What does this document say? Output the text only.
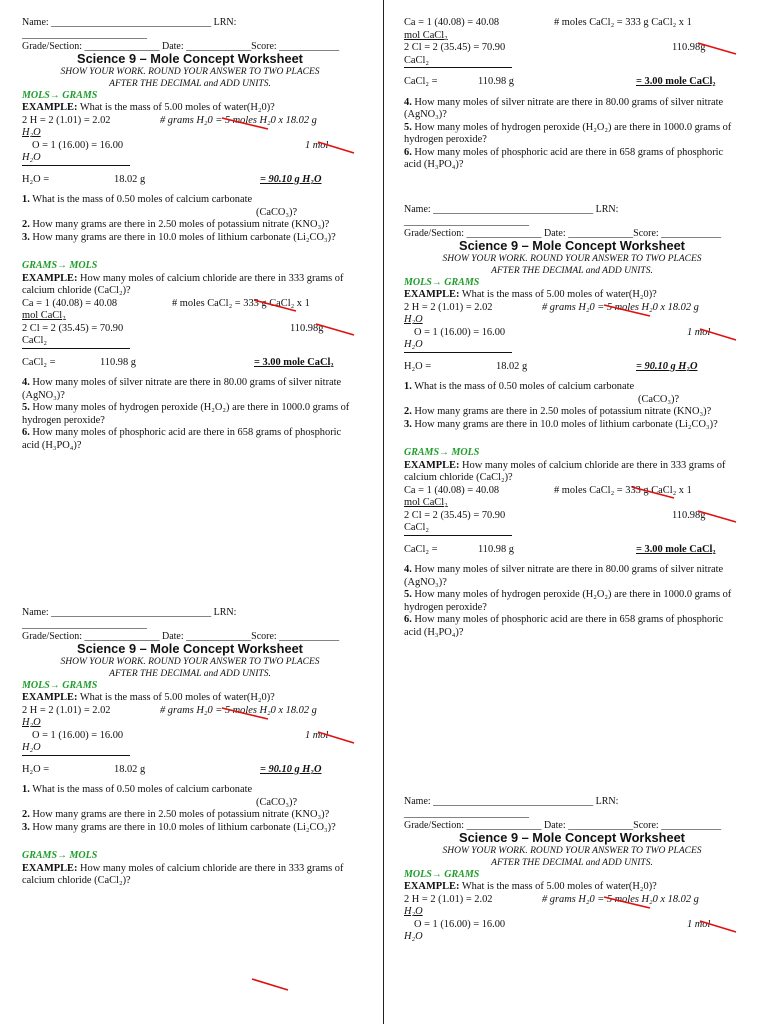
Name: ________________________________ LRN: _________________________

Grade/Section: _______________ Date: _____________Score: ____________

Science 9 – Mole Concept Worksheet

SHOW YOUR WORK. ROUND YOUR ANSWER TO TWO PLACES

AFTER THE DECIMAL and ADD UNITS.

MOLS→ GRAMS

EXAMPLE: What is the mass of 5.00 moles of water(H₂0)?

2 H = 2 (1.01) = 2.02	# grams H₂0 = 5 moles H₂0 x 18.02 g
H₂O
O = 1 (16.00) = 16.00	1 mol
H₂O
H₂O =	18.02 g	= 90.10 g H₂O

1. What is the mass of 0.50 moles of calcium carbonate

(CaCO₃)?

2. How many grams are there in 2.50 moles of potassium nitrate (KNO₃)?

3. How many grams are there in 10.0 moles of lithium carbonate (Li₂CO₃)?

GRAMS→ MOLS

EXAMPLE: How many moles of calcium chloride are there in 333 grams of calcium chloride (CaCl₂)?

Ca = 1 (40.08) = 40.08	# moles CaCl₂ = 333 g CaCl₂ x 1
mol CaCl₂
2 Cl = 2 (35.45) = 70.90	110.98g
CaCl₂
CaCl₂ =	110.98 g	= 3.00 mole CaCl₂

4. How many moles of silver nitrate are there in 80.00 grams of silver nitrate (AgNO₃)?

5. How many moles of hydrogen peroxide (H₂O₂) are there in 1000.0 grams of hydrogen peroxide?

6. How many moles of phosphoric acid are there in 658 grams of phosphoric acid (H₃PO₄)?

Name: ________________________________ LRN: _________________________

Grade/Section: _______________ Date: _____________Score: ____________

Science 9 – Mole Concept Worksheet

SHOW YOUR WORK. ROUND YOUR ANSWER TO TWO PLACES

AFTER THE DECIMAL and ADD UNITS.

MOLS→ GRAMS

EXAMPLE: What is the mass of 5.00 moles of water(H₂0)?

2 H = 2 (1.01) = 2.02	# grams H₂0 = 5 moles H₂0 x 18.02 g
H₂O
O = 1 (16.00) = 16.00	1 mol
H₂O
H₂O =	18.02 g	= 90.10 g H₂O

1. What is the mass of 0.50 moles of calcium carbonate

(CaCO₃)?

2. How many grams are there in 2.50 moles of potassium nitrate (KNO₃)?

3. How many grams are there in 10.0 moles of lithium carbonate (Li₂CO₃)?

GRAMS→ MOLS

EXAMPLE: How many moles of calcium chloride are there in 333 grams of calcium chloride (CaCl₂)?

Ca = 1 (40.08) = 40.08	# moles CaCl₂ = 333 g CaCl₂ x 1
mol CaCl₂
2 Cl = 2 (35.45) = 70.90	110.98g
CaCl₂
CaCl₂ =	110.98 g	= 3.00 mole CaCl₂

4. How many moles of silver nitrate are there in 80.00 grams of silver nitrate (AgNO₃)?

5. How many moles of hydrogen peroxide (H₂O₂) are there in 1000.0 grams of hydrogen peroxide?

6. How many moles of phosphoric acid are there in 658 grams of phosphoric acid (H₃PO₄)?

Name: ________________________________ LRN: _________________________

Grade/Section: _______________ Date: _____________Score: ____________

Science 9 – Mole Concept Worksheet

SHOW YOUR WORK. ROUND YOUR ANSWER TO TWO PLACES

AFTER THE DECIMAL and ADD UNITS.

MOLS→ GRAMS

EXAMPLE: What is the mass of 5.00 moles of water(H₂0)?

2 H = 2 (1.01) = 2.02	# grams H₂0 = 5 moles H₂0 x 18.02 g
H₂O
O = 1 (16.00) = 16.00	1 mol
H₂O
H₂O =	18.02 g	= 90.10 g H₂O

1. What is the mass of 0.50 moles of calcium carbonate

(CaCO₃)?

2. How many grams are there in 2.50 moles of potassium nitrate (KNO₃)?

3. How many grams are there in 10.0 moles of lithium carbonate (Li₂CO₃)?

GRAMS→ MOLS

EXAMPLE: How many moles of calcium chloride are there in 333 grams of calcium chloride (CaCl₂)?

Ca = 1 (40.08) = 40.08	# moles CaCl₂ = 333 g CaCl₂ x 1
mol CaCl₂
2 Cl = 2 (35.45) = 70.90	110.98g
CaCl₂
CaCl₂ =	110.98 g	= 3.00 mole CaCl₂

4. How many moles of silver nitrate are there in 80.00 grams of silver nitrate (AgNO₃)?

5. How many moles of hydrogen peroxide (H₂O₂) are there in 1000.0 grams of hydrogen peroxide?

6. How many moles of phosphoric acid are there in 658 grams of phosphoric acid (H₃PO₄)?

Name: ________________________________ LRN: _________________________

Grade/Section: _______________ Date: _____________Score: ____________

Science 9 – Mole Concept Worksheet

SHOW YOUR WORK. ROUND YOUR ANSWER TO TWO PLACES

AFTER THE DECIMAL and ADD UNITS.

MOLS→ GRAMS

EXAMPLE: What is the mass of 5.00 moles of water(H₂0)?

2 H = 2 (1.01) = 2.02	# grams H₂0 = 5 moles H₂0 x 18.02 g
H₂O
O = 1 (16.00) = 16.00	1 mol
H₂O
